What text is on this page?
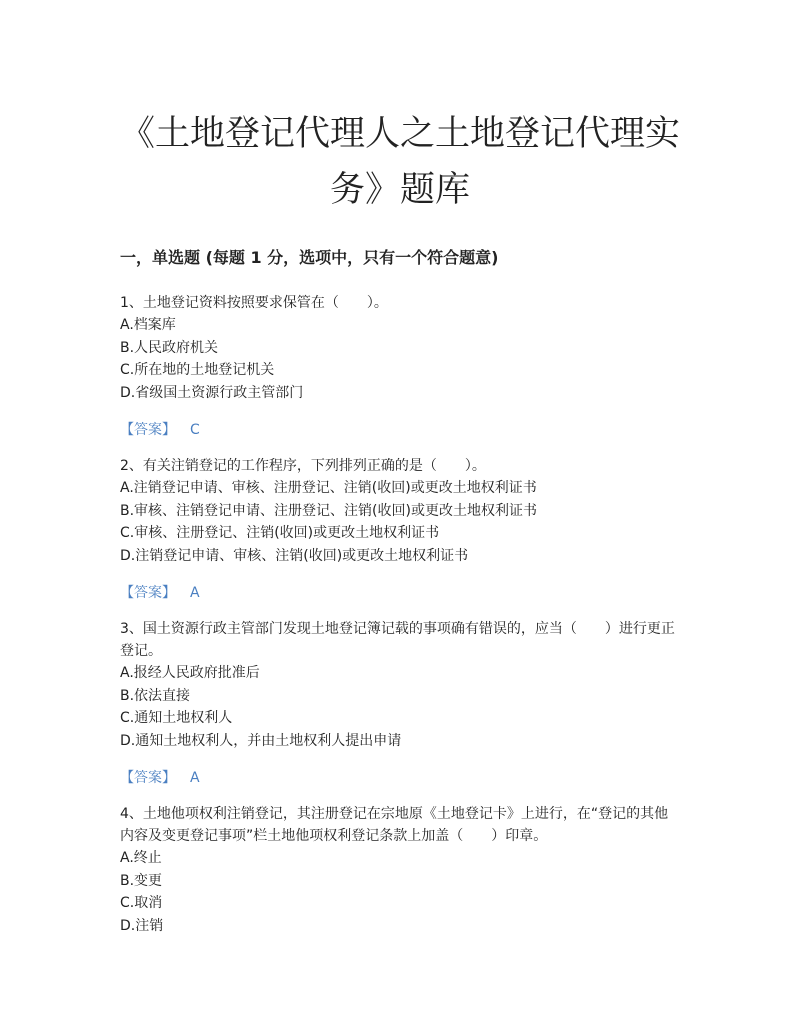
《土地登记代理人之土地登记代理实
务》题库
一，单选题 (每题 1 分，选项中，只有一个符合题意)

1、土地登记资料按照要求保管在（　　）。

A.档案库

B.人民政府机关

C.所在地的土地登记机关

D.省级国土资源行政主管部门

【答案】 C

2、有关注销登记的工作程序，下列排列正确的是（　　）。

A.注销登记申请、审核、注册登记、注销(收回)或更改土地权利证书

B.审核、注销登记申请、注册登记、注销(收回)或更改土地权利证书

C.审核、注册登记、注销(收回)或更改土地权利证书

D.注销登记申请、审核、注销(收回)或更改土地权利证书

【答案】 A

3、国土资源行政主管部门发现土地登记簿记载的事项确有错误的，应当（　　）进行更正登记。

A.报经人民政府批准后

B.依法直接

C.通知土地权利人

D.通知土地权利人，并由土地权利人提出申请

【答案】 A

4、土地他项权利注销登记，其注册登记在宗地原《土地登记卡》上进行，在“登记的其他内容及变更登记事项”栏土地他项权利登记条款上加盖（　　）印章。

A.终止

B.变更

C.取消

D.注销
